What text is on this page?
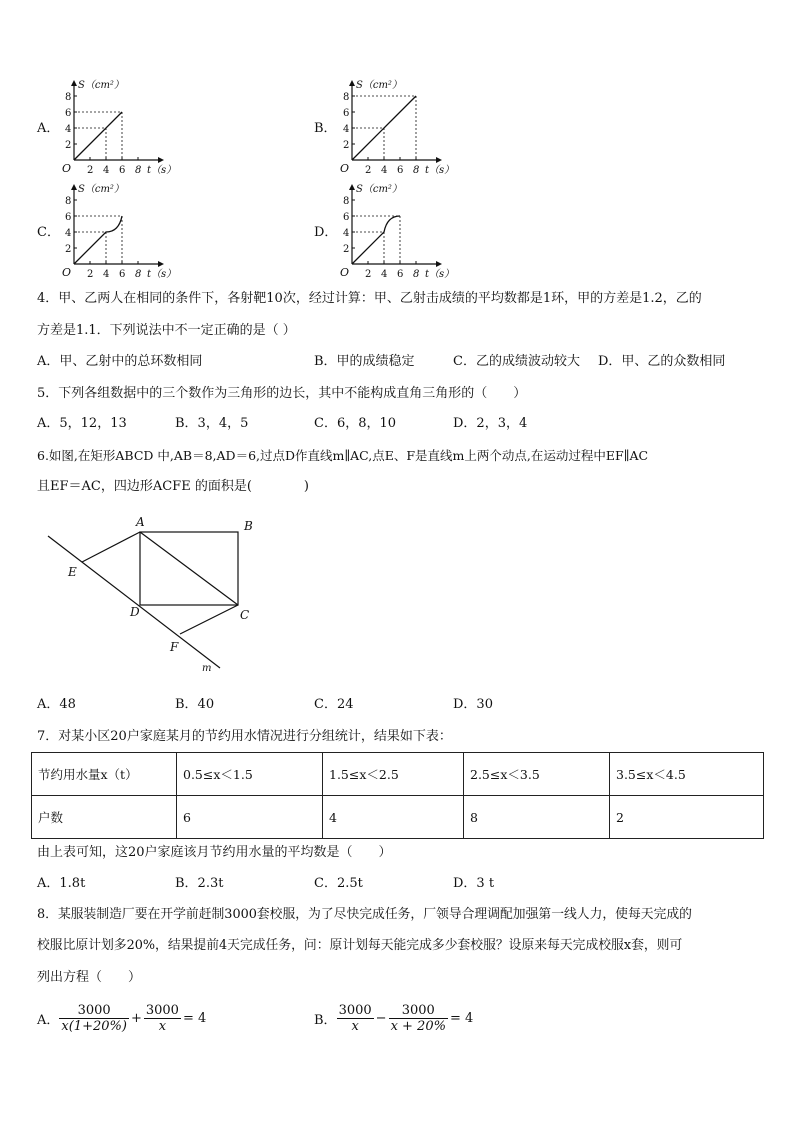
A．	B．
C．	D．
2
4
6
8
2 4 6 8
O
S（cm²）
t（s）
2
4
6
8
2 4 6 8
O
S（cm²）
t（s）
2
4
6
8
2 4 6 8
O
S（cm²）
t（s）
2
4
6
8
2 4 6 8
O
S（cm²）
t（s）
4．甲、乙两人在相同的条件下，各射靶10次，经过计算：甲、乙射击成绩的平均数都是1环，甲的方差是1.2，乙的
方差是1.1．下列说法中不一定正确的是（ ）
A．甲、乙射中的总环数相同	B．甲的成绩稳定	C．乙的成绩波动较大 D．甲、乙的众数相同
5．下列各组数据中的三个数作为三角形的边长，其中不能构成直角三角形的（　　）
A．5，12，13	B．3，4，5	C．6，8，10	D．2，3，4
6.如图,在矩形ABCD 中,AB＝8,AD＝6,过点D作直线m∥AC,点E、F是直线m上两个动点,在运动过程中EF∥AC
且EF＝AC，四边形ACFE 的面积是(　　　　)
A	B
C
D
E
F
m
A．48	B．40	C．24	D．30
7．对某小区20户家庭某月的节约用水情况进行分组统计，结果如下表：
节约用水量x（t）	0.5≤x＜1.5	1.5≤x＜2.5	2.5≤x＜3.5	3.5≤x＜4.5
户数	6	4	8	2
由上表可知，这20户家庭该月节约用水量的平均数是（　　）
A．1.8t	B．2.3t	C．2.5t	D．3 t
8．某服装制造厂要在开学前赶制3000套校服，为了尽快完成任务，厂领导合理调配加强第一线人力，使每天完成的
校服比原计划多20%，结果提前4天完成任务，问：原计划每天能完成多少套校服？设原来每天完成校服x套，则可
列出方程（　　）
A． $\frac{3000}{x(1+20\%)} + \frac{3000}{x} = 4$	B． $\frac{3000}{x} - \frac{3000}{x + 20\%} = 4$
